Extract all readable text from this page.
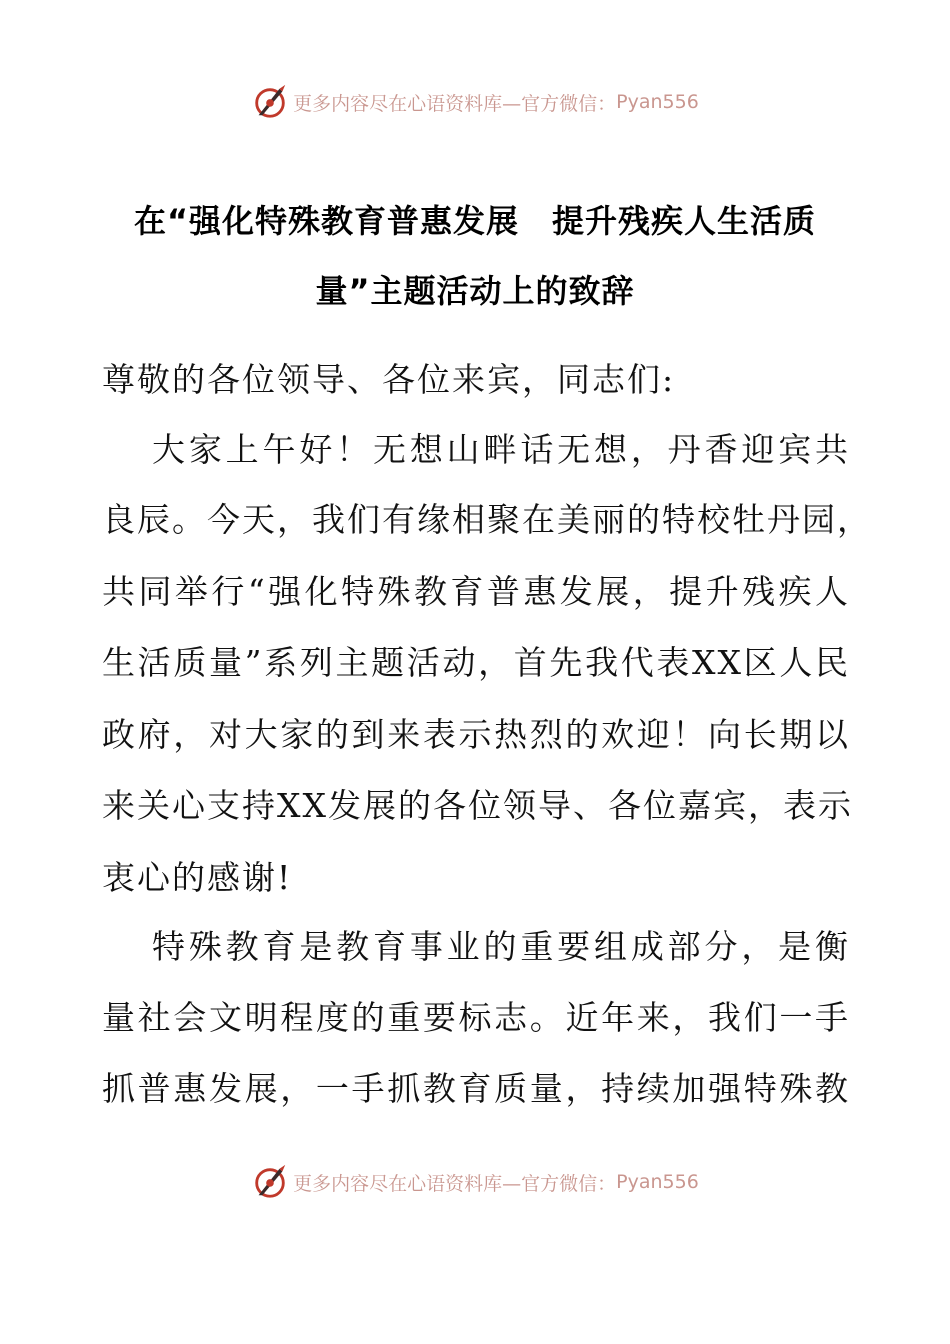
更多内容尽在心语资料库—官方微信： Pyan556
在“强化特殊教育普惠发展　提升残疾人生活质
量”主题活动上的致辞
尊敬的各位领导、各位来宾，同志们:
大家上午好！无想山畔话无想，丹香迎宾共
良辰。今天，我们有缘相聚在美丽的特校牡丹园，
共同举行“强化特殊教育普惠发展，提升残疾人
生活质量”系列主题活动，首先我代表XX区人民
政府，对大家的到来表示热烈的欢迎！向长期以
来关心支持XX发展的各位领导、各位嘉宾，表示
衷心的感谢!
特殊教育是教育事业的重要组成部分，是衡
量社会文明程度的重要标志。近年来，我们一手
抓普惠发展，一手抓教育质量，持续加强特殊教
更多内容尽在心语资料库—官方微信： Pyan556
